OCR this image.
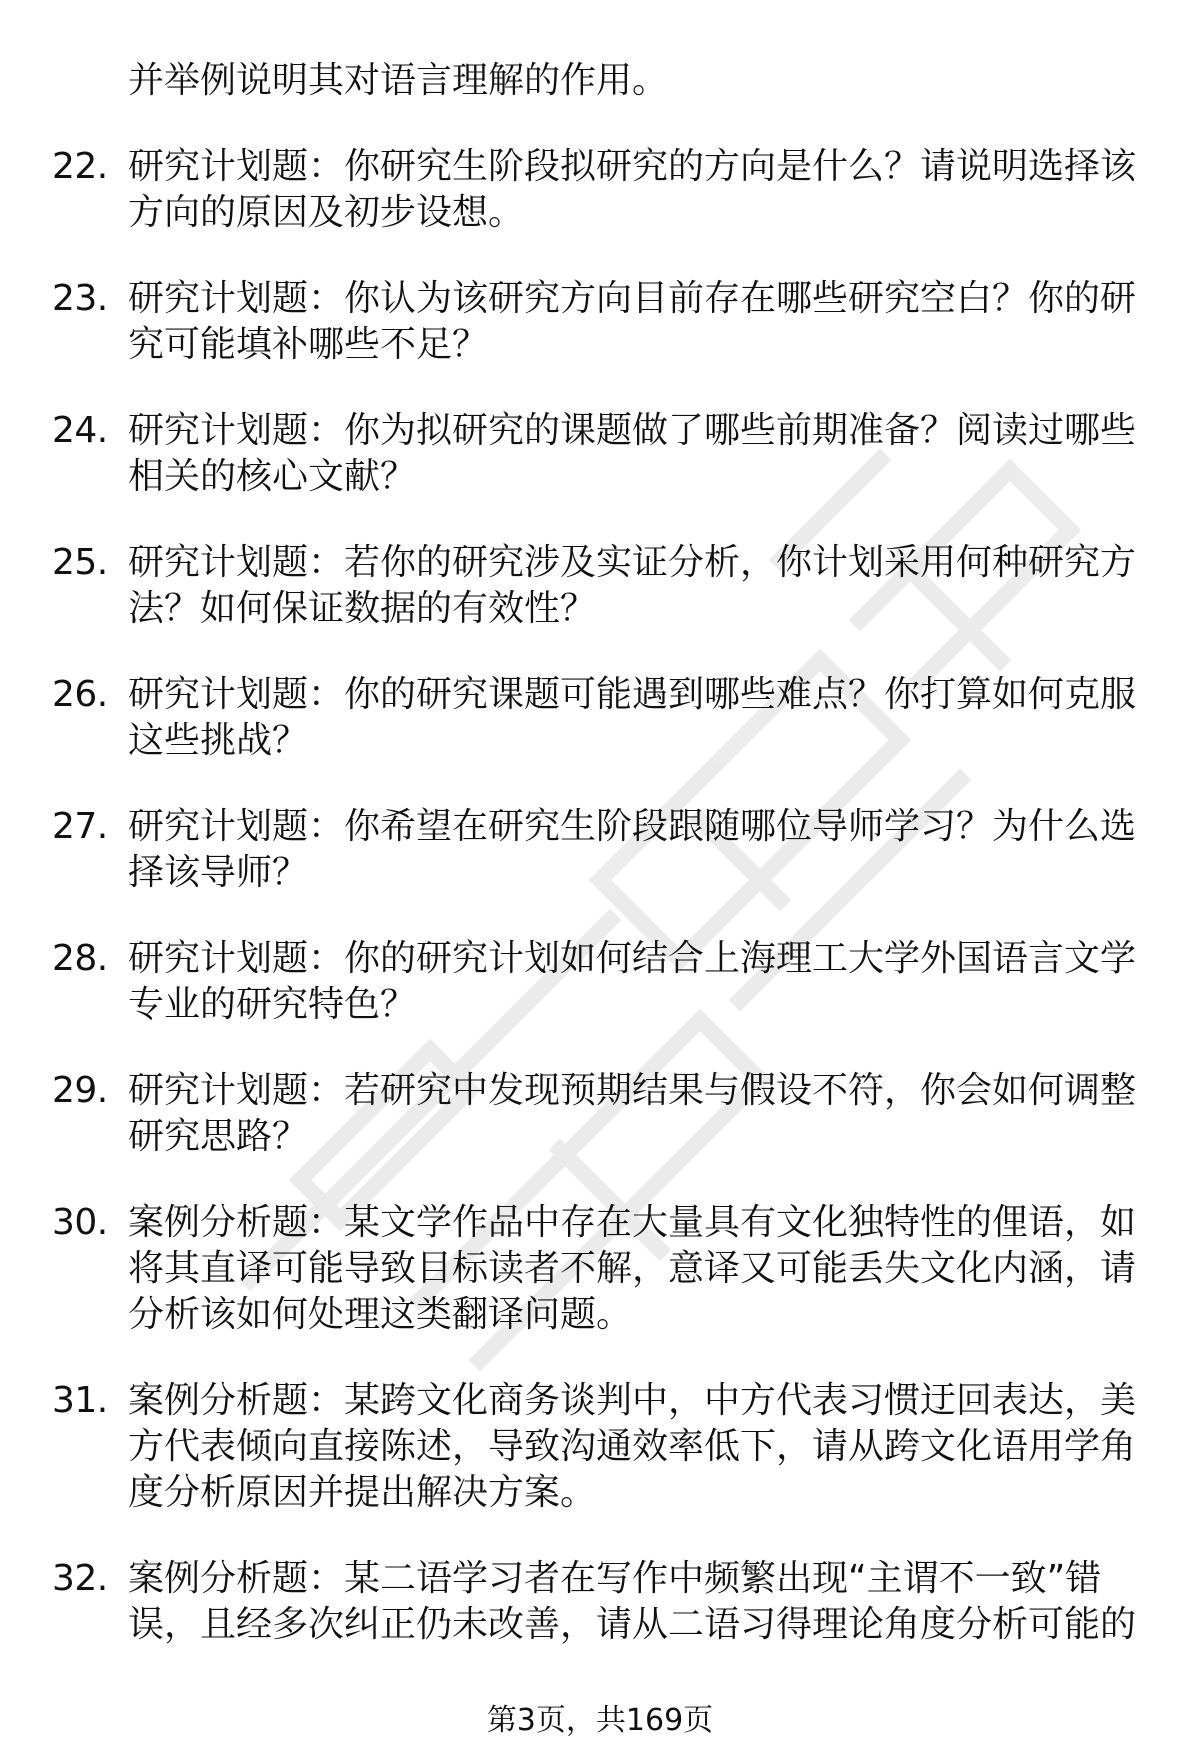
并举例说明其对语言理解的作用。
22. 研究计划题：你研究生阶段拟研究的方向是什么？请说明选择该方向的原因及初步设想。
23. 研究计划题：你认为该研究方向目前存在哪些研究空白？你的研究可能填补哪些不足？
24. 研究计划题：你为拟研究的课题做了哪些前期准备？阅读过哪些相关的核心文献？
25. 研究计划题：若你的研究涉及实证分析，你计划采用何种研究方法？如何保证数据的有效性？
26. 研究计划题：你的研究课题可能遇到哪些难点？你打算如何克服这些挑战？
27. 研究计划题：你希望在研究生阶段跟随哪位导师学习？为什么选择该导师？
28. 研究计划题：你的研究计划如何结合上海理工大学外国语言文学专业的研究特色？
29. 研究计划题：若研究中发现预期结果与假设不符，你会如何调整研究思路？
30. 案例分析题：某文学作品中存在大量具有文化独特性的俚语，如将其直译可能导致目标读者不解，意译又可能丢失文化内涵，请分析该如何处理这类翻译问题。
31. 案例分析题：某跨文化商务谈判中，中方代表习惯迂回表达，美方代表倾向直接陈述，导致沟通效率低下，请从跨文化语用学角度分析原因并提出解决方案。
32. 案例分析题：某二语学习者在写作中频繁出现“主谓不一致”错误，且经多次纠正仍未改善，请从二语习得理论角度分析可能的
第3页，共169页
